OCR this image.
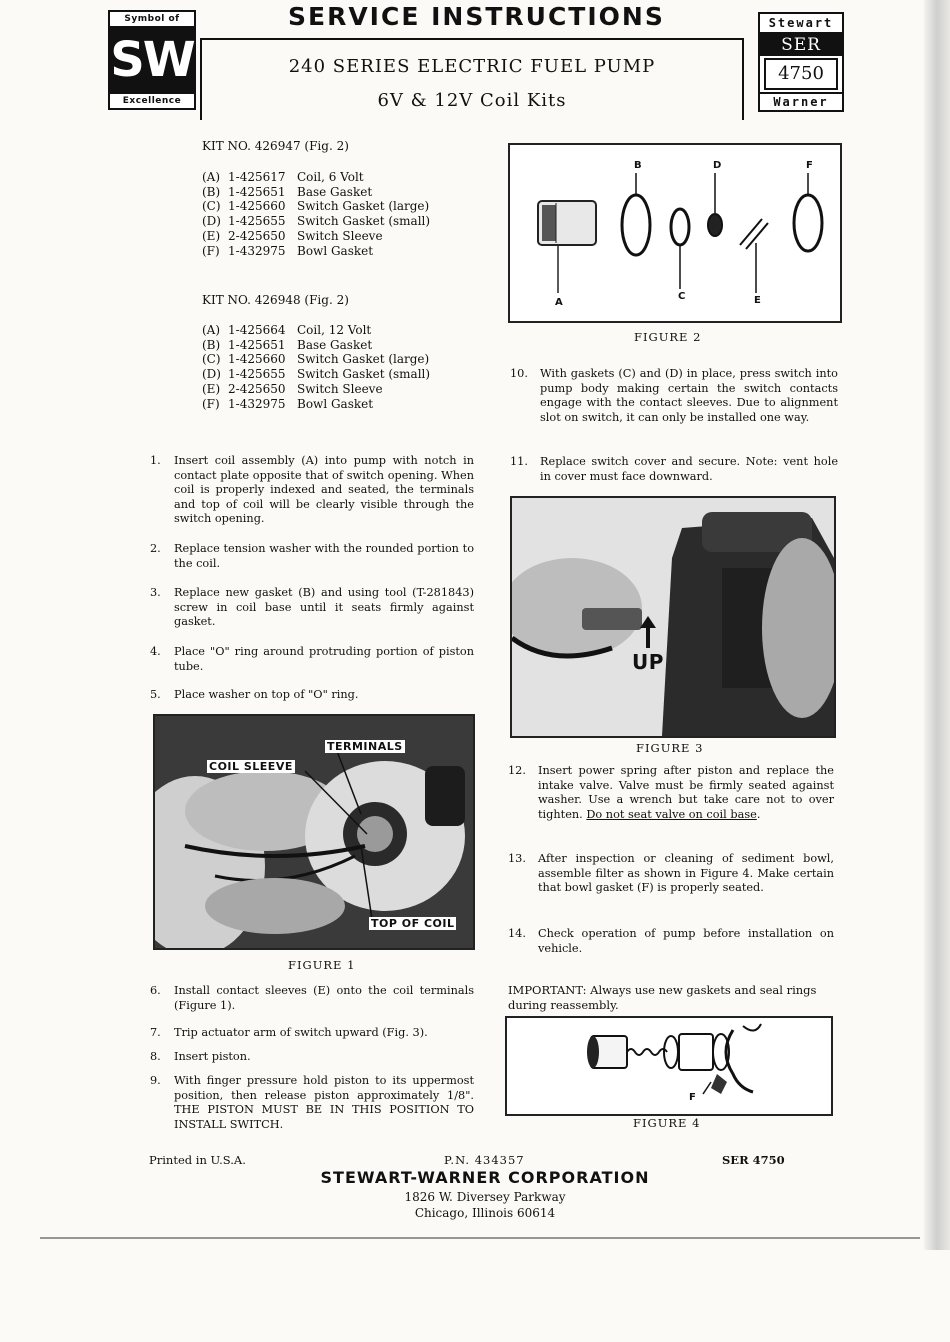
Symbol of
SW
Excellence
SERVICE INSTRUCTIONS
240 SERIES ELECTRIC FUEL PUMP
6V & 12V Coil Kits
Stewart
SER
4750
Warner
KIT NO. 426947 (Fig. 2)
(A) 1-425617 Coil, 6 Volt
(B) 1-425651 Base Gasket
(C) 1-425660 Switch Gasket (large)
(D) 1-425655 Switch Gasket (small)
(E) 2-425650 Switch Sleeve
(F) 1-432975 Bowl Gasket
KIT NO. 426948 (Fig. 2)
(A) 1-425664 Coil, 12 Volt
(B) 1-425651 Base Gasket
(C) 1-425660 Switch Gasket (large)
(D) 1-425655 Switch Gasket (small)
(E) 2-425650 Switch Sleeve
(F) 1-432975 Bowl Gasket
1.	Insert coil assembly (A) into pump with notch in contact plate opposite that of switch opening. When coil is properly indexed and seated, the terminals and top of coil will be clearly visible through the switch opening.
2.	Replace tension washer with the rounded portion to the coil.
3.	Replace new gasket (B) and using tool (T-281843) screw in coil base until it seats firmly against gasket.
4.	Place "O" ring around protruding portion of piston tube.
5.	Place washer on top of "O" ring.
TERMINALS
COIL SLEEVE
TOP OF COIL
FIGURE 1
6.	Install contact sleeves (E) onto the coil terminals (Figure 1).
7.	Trip actuator arm of switch upward (Fig. 3).
8.	Insert piston.
9.	With finger pressure hold piston to its uppermost position, then release piston approximately 1/8". THE PISTON MUST BE IN THIS POSITION TO INSTALL SWITCH.
B	D	F
A
C	E
FIGURE 2
10.	With gaskets (C) and (D) in place, press switch into pump body making certain the switch contacts engage with the contact sleeves. Due to alignment slot on switch, it can only be installed one way.
11.	Replace switch cover and secure. Note: vent hole in cover must face downward.
UP
FIGURE 3
12.	Insert power spring after piston and replace the intake valve. Valve must be firmly seated against washer. Use a wrench but take care not to over tighten. Do not seat valve on coil base.
13.	After inspection or cleaning of sediment bowl, assemble filter as shown in Figure 4. Make certain that bowl gasket (F) is properly seated.
14.	Check operation of pump before installation on vehicle.
IMPORTANT: Always use new gaskets and seal rings during reassembly.
F
FIGURE 4
Printed in U.S.A.	P.N. 434357	SER 4750
STEWART-WARNER CORPORATION
1826 W. Diversey Parkway
Chicago, Illinois 60614
